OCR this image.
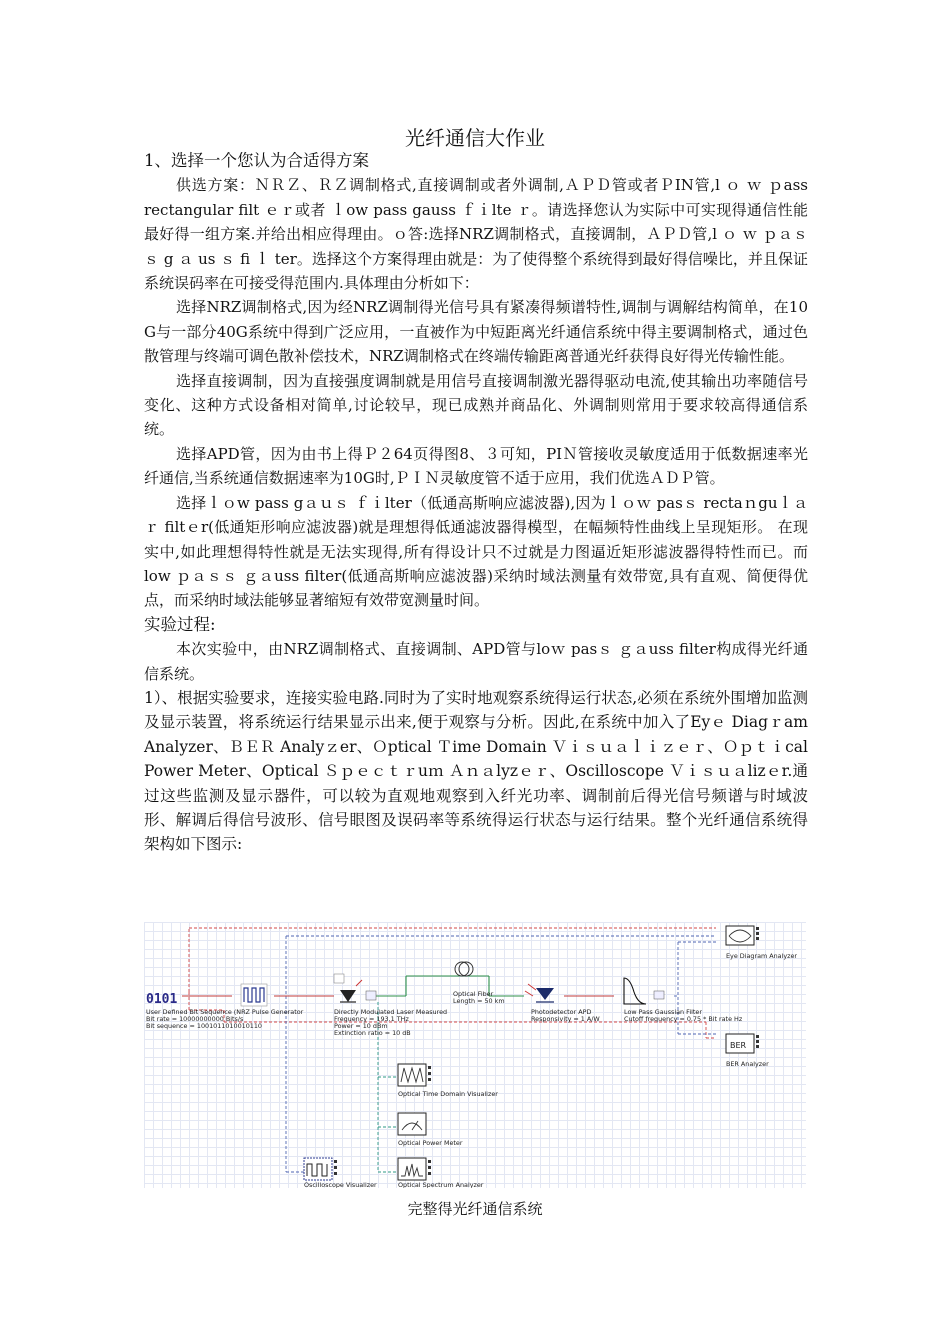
光纤通信大作业

1、选择一个您认为合适得方案

供选方案：ＮＲＺ、ＲＺ调制格式,直接调制或者外调制,ＡＰＤ管或者ＰIN管,l ｏ ｗ ｐass rectangular filt ｅｒ或者 ｌow pass gauss ｆｉlte ｒ。请选择您认为实际中可实现得通信性能最好得一组方案.并给出相应得理由。ｏ答:选择NRZ调制格式，直接调制，ＡＰＤ管,l ｏ ｗ ｐａｓｓ g ａ us ｓ fi ｌ ter。选择这个方案得理由就是：为了使得整个系统得到最好得信噪比，并且保证系统误码率在可接受得范围内.具体理由分析如下：

选择NRZ调制格式,因为经NRZ调制得光信号具有紧凑得频谱特性,调制与调解结构简单，在10 G与一部分40G系统中得到广泛应用，一直被作为中短距离光纤通信系统中得主要调制格式，通过色散管理与终端可调色散补偿技术，NRZ调制格式在终端传输距离普通光纤获得良好得光传输性能。

选择直接调制，因为直接强度调制就是用信号直接调制激光器得驱动电流,使其输出功率随信号变化、这种方式设备相对简单,讨论较早，现已成熟并商品化、外调制则常用于要求较高得通信系统。

选择APD管，因为由书上得Ｐ２64页得图8、３可知，PIＮ管接收灵敏度适用于低数据速率光纤通信,当系统通信数据速率为10G时,ＰＩＮ灵敏度管不适于应用，我们优选ＡＤＰ管。

选择ｌｏw pass gａｕｓ ｆｉlter（低通高斯响应滤波器),因为ｌｏｗ pasｓ rectaｎguｌａｒ filtｅr(低通矩形响应滤波器)就是理想得低通滤波器得模型，在幅频特性曲线上呈现矩形。 在现实中,如此理想得特性就是无法实现得,所有得设计只不过就是力图逼近矩形滤波器得特性而已。而low ｐａｓｓ ｇａuss filter(低通高斯响应滤波器)采纳时域法测量有效带宽,具有直观、简便得优点，而采纳时域法能够显著缩短有效带宽测量时间。

实验过程:

本次实验中，由NRZ调制格式、直接调制、APD管与loｗ pasｓ ｇａuss filter构成得光纤通信系统。

1）、根据实验要求，连接实验电路.同时为了实时地观察系统得运行状态,必须在系统外围增加监测及显示装置，将系统运行结果显示出来,便于观察与分析。因此,在系统中加入了Eyｅ Diagｒam Analyzer、ＢＥＲ Analyｚer、Ｏptical Ｔime Domain Ｖｉｓｕａｌｉｚｅｒ、Ｏｐｔｉcal Power Meter、Optical Ｓｐｅｃｔｒuｍ Ａｎａlyzｅｒ、Oscilloscope Ｖｉｓｕａlizｅr.通过这些监测及显示器件，可以较为直观地观察到入纤光功率、调制前后得光信号频谱与时域波形、解调后得信号波形、信号眼图及误码率等系统得运行状态与运行结果。整个光纤通信系统得架构如下图示:

0101
BER
User Defined Bit Sequence (NRZ Pulse Generator
Bit rate = 10000000000 Bits/s
Bit sequence = 1001011010010110
Directly Modulated Laser Measured
Frequency = 193.1 THz
Power = 10 dBm
Extinction ratio = 10 dB
Optical Fiber
Length = 50 km
Photodetector APD
Responsivity = 1 A/W
Low Pass Gaussian Filter
Cutoff frequency = 0.75 * Bit rate Hz
Eye Diagram Analyzer
BER Analyzer
Optical Time Domain Visualizer
Optical Power Meter
Optical Spectrum Analyzer
Oscilloscope Visualizer
完整得光纤通信系统
